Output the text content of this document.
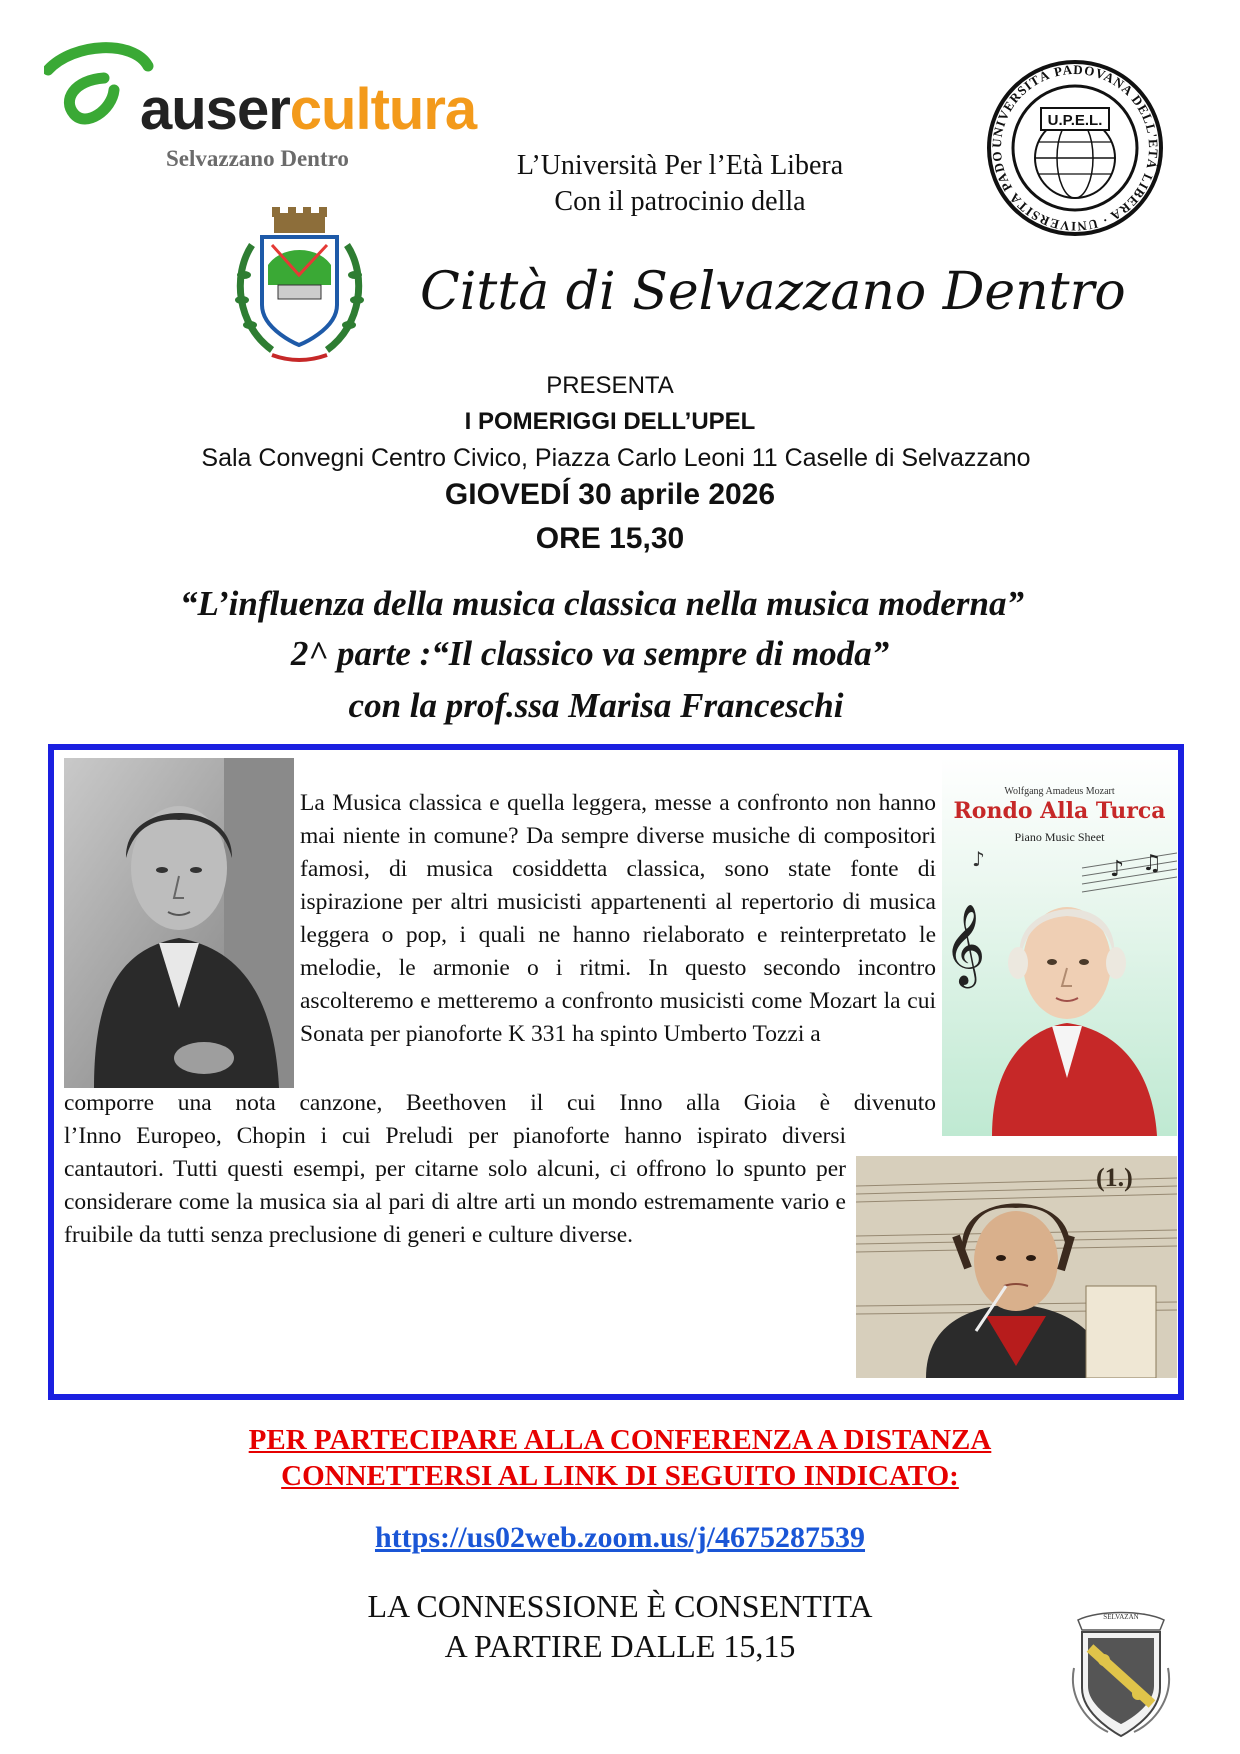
ausercultura
Selvazzano Dentro	L’Università Per l’Età Libera
Con il patrocinio della
UNIVERSITÀ PADOVANA DELL'ETÀ LIBERA · UNIVERSITÀ PADO
U.P.E.L.
Città di Selvazzano Dentro
PRESENTA
I POMERIGGI DELL’UPEL
Sala Convegni Centro Civico, Piazza Carlo Leoni 11 Caselle di Selvazzano
GIOVEDÍ 30 aprile 2026
ORE 15,30
“L’influenza della musica classica nella musica moderna”
2^ parte :“Il classico va sempre di moda”
con la prof.ssa Marisa Franceschi
♪ ♫
𝄞
♪
Wolfgang Amadeus Mozart
Rondo Alla Turca
Piano Music Sheet
(1.)
La Musica classica e quella leggera, messe a confronto non hanno mai niente in comune? Da sempre diverse musiche di compositori famosi, di musica cosiddetta classica, sono state fonte di ispirazione per altri musicisti appartenenti al repertorio di musica leggera o pop, i quali ne hanno rielaborato e reinterpretato le melodie, le armonie o i ritmi. In questo secondo incontro ascolteremo e metteremo a confronto musicisti come Mozart la cui Sonata per pianoforte K 331 ha spinto Umberto Tozzi a
comporre una nota canzone, Beethoven il cui Inno alla Gioia è divenuto
l’Inno Europeo, Chopin i cui Preludi per pianoforte hanno ispirato diversi cantautori. Tutti questi esempi, per citarne solo alcuni, ci offrono lo spunto per considerare come la musica sia al pari di altre arti un mondo estremamente vario e fruibile da tutti senza preclusione di generi e culture diverse.
PER PARTECIPARE ALLA CONFERENZA A DISTANZA
CONNETTERSI AL LINK DI SEGUITO INDICATO:
https://us02web.zoom.us/j/4675287539
LA CONNESSIONE È CONSENTITA
A PARTIRE DALLE 15,15
SELVAZAN
